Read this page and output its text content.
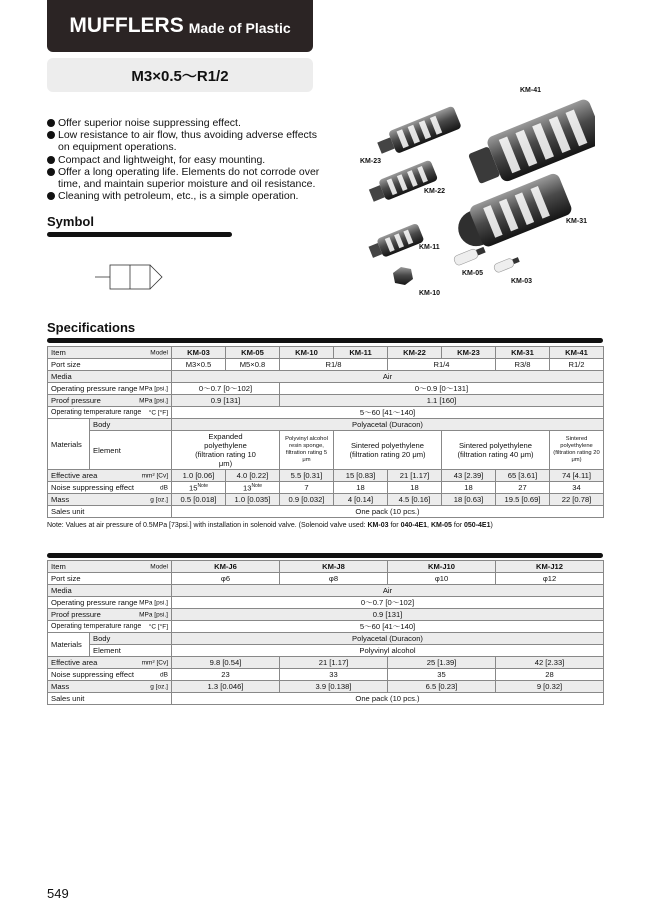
MUFFLERS Made of Plastic
M3×0.5～R1/2
Offer superior noise suppressing effect.
Low resistance to air flow, thus avoiding adverse effects on equipment operations.
Compact and lightweight, for easy mounting.
Offer a long operating life. Elements do not corrode over time, and maintain superior moisture and oil resistance.
Cleaning with petroleum, etc., is a simple operation.
Symbol
KM-41
KM-23
KM-22
KM-31
KM-11
KM-05
KM-03
KM-10
Specifications
Item Model		KM-03	KM-05	KM-10	KM-11	KM-22	KM-23	KM-31	KM-41
Port size		M3×0.5	M5×0.8	R1/8		R1/4		R3/8	R1/2
Media		Air							
Operating pressure range MPa [psi.]		0～0.7 [0～102]		0～0.9 [0～131]					
Proof pressure MPa [psi.]		0.9 [131]		1.1 [160]					
Operating temperature range °C [°F]		5～60 [41～140]							
Materials	Body	Polyacetal (Duracon)							
	Element	Expanded polyethylene (filtration rating 10 μm)		Polyvinyl alcohol resin sponge, filtration rating 5 μm	Sintered polyethylene (filtration rating 20 μm)		Sintered polyethylene (filtration rating 40 μm)		Sintered polyethylene (filtration rating 20 μm)
Effective area mm² [Cv]		1.0 [0.06]	4.0 [0.22]	5.5 [0.31]	15 [0.83]	21 [1.17]	43 [2.39]	65 [3.61]	74 [4.11]
Noise suppressing effect dB		$15^{Note}$	$13^{Note}$	7	18	18	18	27	34
Mass g [oz.]		0.5 [0.018]	1.0 [0.035]	0.9 [0.032]	4 [0.14]	4.5 [0.16]	18 [0.63]	19.5 [0.69]	22 [0.78]
Sales unit		One pack (10 pcs.)							
Note: Values at air pressure of 0.5MPa [73psi.] with installation in solenoid valve. (Solenoid valve used: KM-03 for 040-4E1, KM-05 for 050-4E1)
Item Model		KM-J6	KM-J8	KM-J10	KM-J12
Port size		φ6	φ8	φ10	φ12
Media		Air			
Operating pressure range MPa [psi.]		0～0.7 [0～102]			
Proof pressure MPa [psi.]		0.9 [131]			
Operating temperature range °C [°F]		5～60 [41～140]			
Materials	Body	Polyacetal (Duracon)			
	Element	Polyvinyl alcohol			
Effective area mm² [Cv]		9.8 [0.54]	21 [1.17]	25 [1.39]	42 [2.33]
Noise suppressing effect dB		23	33	35	28
Mass g [oz.]		1.3 [0.046]	3.9 [0.138]	6.5 [0.23]	9 [0.32]
Sales unit		One pack (10 pcs.)			
549
